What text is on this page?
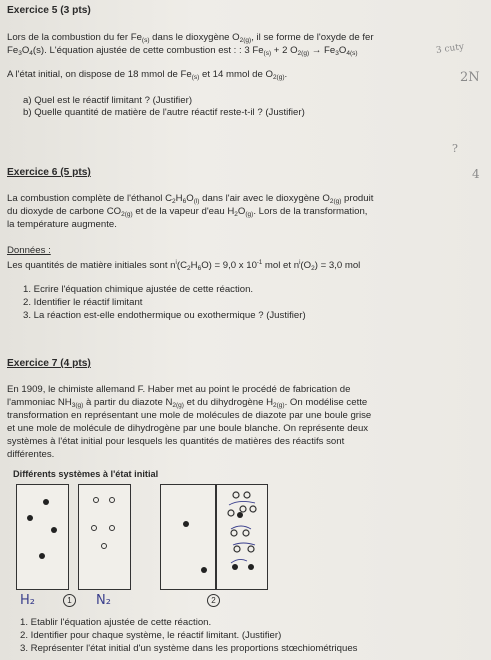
Exercice 5 (3 pts)
Lors de la combustion du fer $Fe_{(s)}$ dans le dioxygène $O_{2(g)}$, il se forme de l'oxyde de fer
$Fe_3O_4(s)$. L'équation ajustée de cette combustion est : : 3 $Fe_{(s)} + 2$ $O_{2(g)} \to Fe_3O_{4(s)}$
A l'état initial, on dispose de 18 mmol de $Fe_{(s)}$ et 14 mmol de $O_{2(g)}$.
a) Quel est le réactif limitant ? (Justifier)
b) Quelle quantité de matière de l'autre réactif reste-t-il ? (Justifier)
3 cuty
2N
?
4
Exercice 6 (5 pts)
La combustion complète de l'éthanol $C_2H_6O_{(l)}$ dans l'air avec le dioxygène $O_{2(g)}$ produit
du dioxyde de carbone $CO_{2(g)}$ et de la vapeur d'eau $H_2O_{(g)}$. Lors de la transformation,
la température augmente.
Données :
Les quantités de matière initiales sont $n^i(C_2H_6O) = 9,0$ x $10^{-1}$ mol et $n^i(O_2) = 3,0$ mol
1. Ecrire l'équation chimique ajustée de cette réaction.
2. Identifier le réactif limitant
3. La réaction est-elle endothermique ou exothermique ? (Justifier)
Exercice 7 (4 pts)
En 1909, le chimiste allemand F. Haber met au point le procédé de fabrication de
l'ammoniac $NH_{3(g)}$ à partir du diazote $N_{2(g)}$ et du dihydrogène $H_{2(g)}$. On modélise cette
transformation en représentant une mole de molécules de diazote par une boule grise
et une mole de molécule de dihydrogène par une boule blanche. On représente deux
systèmes à l'état initial pour lesquels les quantités de matières des réactifs sont
différentes.
Différents systèmes à l'état initial
H₂	1	N₂	2
1. Etablir l'équation ajustée de cette réaction.
2. Identifier pour chaque système, le réactif limitant. (Justifier)
3. Représenter l'état initial d'un système dans les proportions stœchiométriques
